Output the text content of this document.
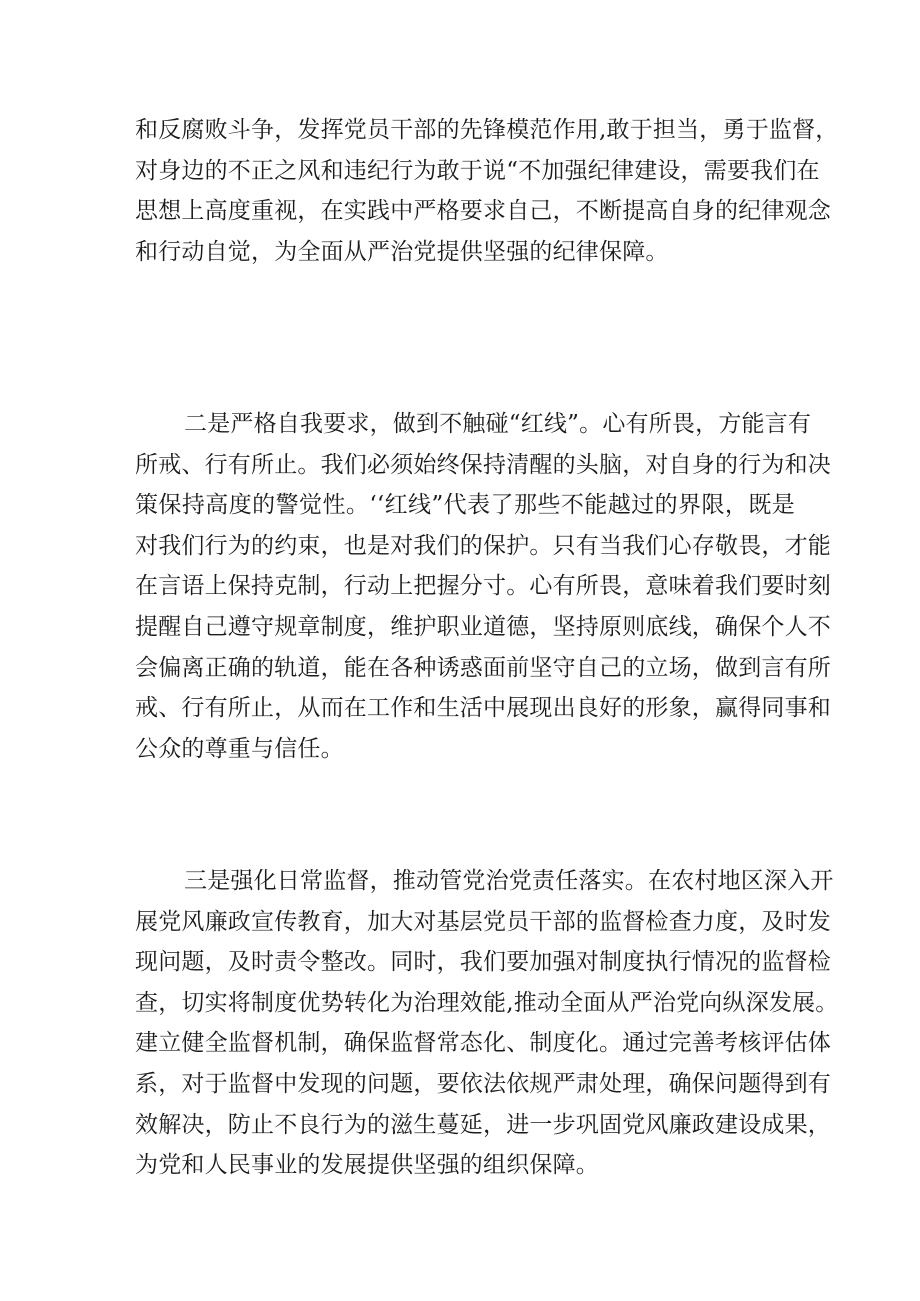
和反腐败斗争，发挥党员干部的先锋模范作用,敢于担当，勇于监督，
对身边的不正之风和违纪行为敢于说“不加强纪律建设，需要我们在
思想上高度重视，在实践中严格要求自己，不断提高自身的纪律观念
和行动自觉，为全面从严治党提供坚强的纪律保障。

二是严格自我要求，做到不触碰“红线”。心有所畏，方能言有
所戒、行有所止。我们必须始终保持清醒的头脑，对自身的行为和决
策保持高度的警觉性。‘‘红线”代表了那些不能越过的界限，既是
对我们行为的约束，也是对我们的保护。只有当我们心存敬畏，才能
在言语上保持克制，行动上把握分寸。心有所畏，意味着我们要时刻
提醒自己遵守规章制度，维护职业道德，坚持原则底线，确保个人不
会偏离正确的轨道，能在各种诱惑面前坚守自己的立场，做到言有所
戒、行有所止，从而在工作和生活中展现出良好的形象，赢得同事和
公众的尊重与信任。

三是强化日常监督，推动管党治党责任落实。在农村地区深入开
展党风廉政宣传教育，加大对基层党员干部的监督检查力度，及时发
现问题，及时责令整改。同时，我们要加强对制度执行情况的监督检
查，切实将制度优势转化为治理效能,推动全面从严治党向纵深发展。
建立健全监督机制，确保监督常态化、制度化。通过完善考核评估体
系，对于监督中发现的问题，要依法依规严肃处理，确保问题得到有
效解决，防止不良行为的滋生蔓延，进一步巩固党风廉政建设成果，
为党和人民事业的发展提供坚强的组织保障。
